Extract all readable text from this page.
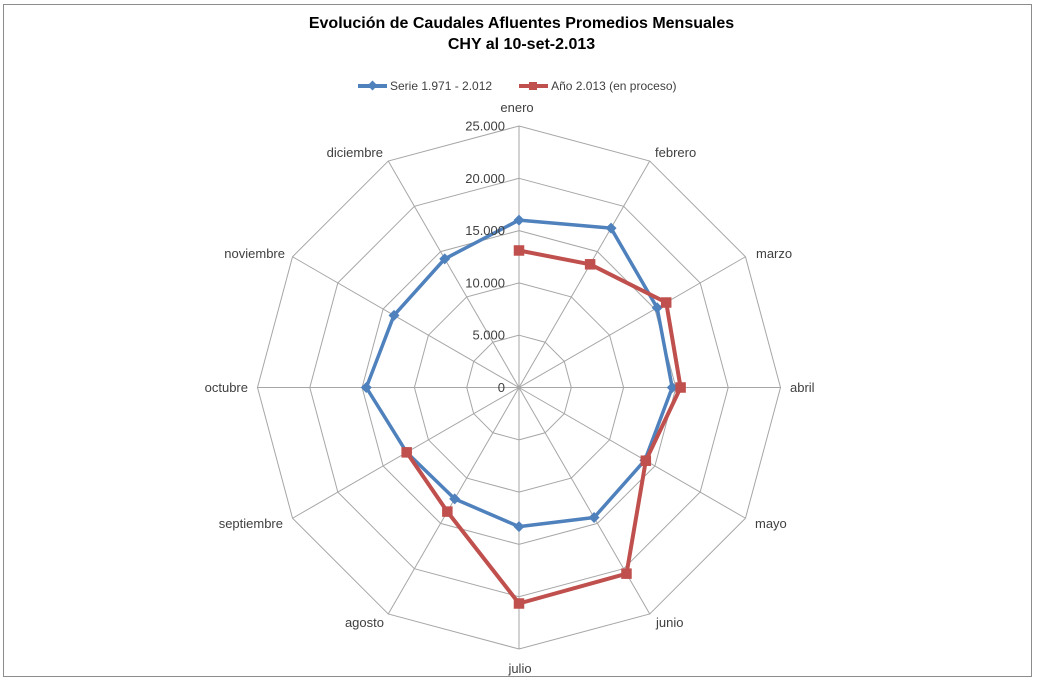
Evolución de Caudales Afluentes Promedios Mensuales
CHY al 10-set-2.013
Serie 1.971 - 2.012	Año 2.013 (en proceso)
enero
febrero
marzo
abril
mayo
junio
julio
agosto
septiembre
octubre
noviembre
diciembre
0
5.000
10.000
15.000
20.000
25.000
